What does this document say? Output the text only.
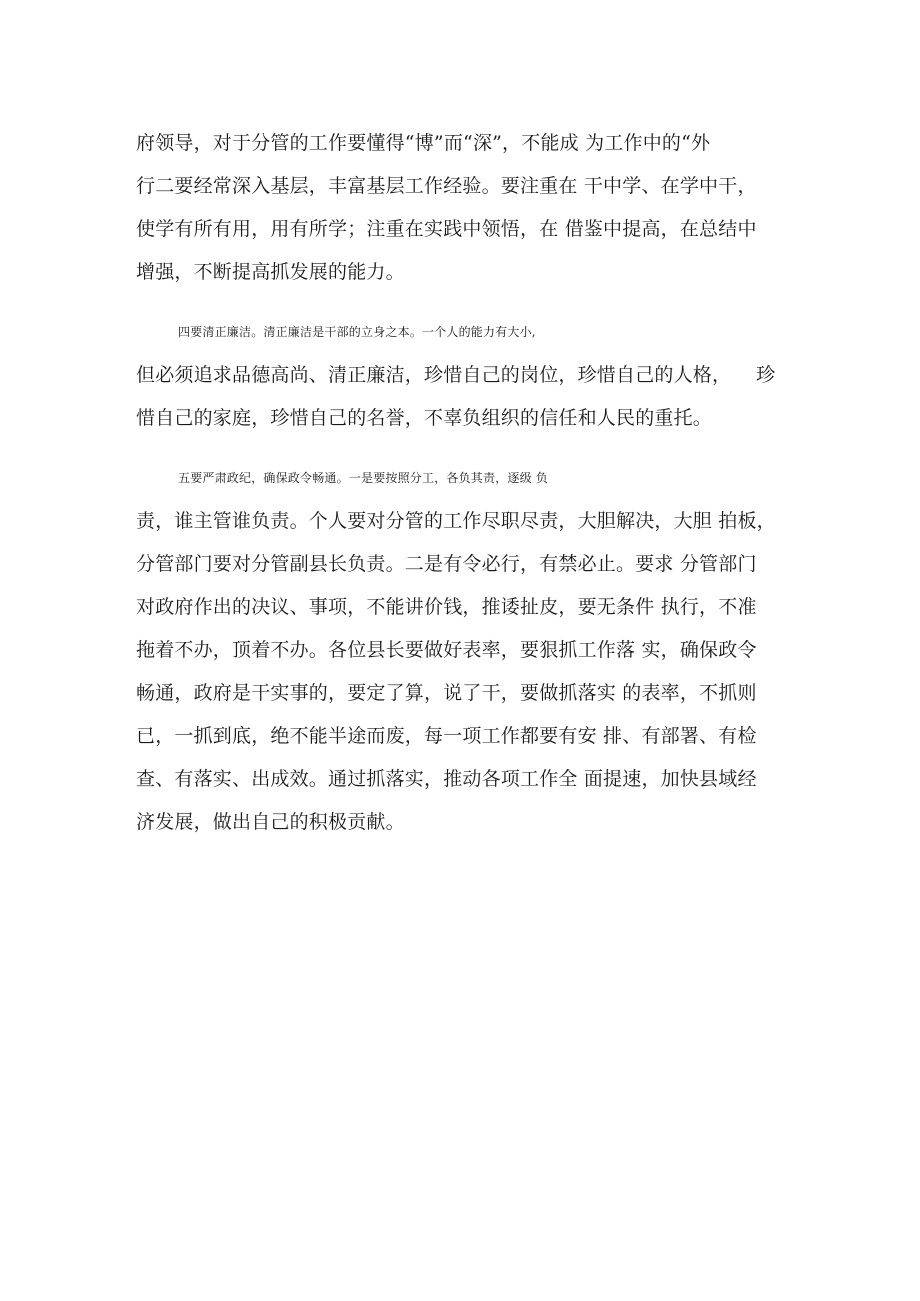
府领导，对于分管的工作要懂得“博”而“深”，不能成 为工作中的“外
行二要经常深入基层，丰富基层工作经验。要注重在 干中学、在学中干，
使学有所有用，用有所学；注重在实践中领悟，在 借鉴中提高，在总结中
增强，不断提高抓发展的能力。
四要清正廉洁。清正廉洁是干部的立身之本。一个人的能力有大小,
但必须追求品德高尚、清正廉洁，珍惜自己的岗位，珍惜自己的人格，    珍
惜自己的家庭，珍惜自己的名誉，不辜负组织的信任和人民的重托。
五要严肃政纪，确保政令畅通。一是要按照分工，各负其责，逐级 负
责，谁主管谁负责。个人要对分管的工作尽职尽责，大胆解决，大胆 拍板，
分管部门要对分管副县长负责。二是有令必行，有禁必止。要求 分管部门
对政府作出的决议、事项，不能讲价钱，推诿扯皮，要无条件 执行，不准
拖着不办，顶着不办。各位县长要做好表率，要狠抓工作落 实，确保政令
畅通，政府是干实事的，要定了算，说了干，要做抓落实 的表率，不抓则
已，一抓到底，绝不能半途而废，每一项工作都要有安 排、有部署、有检
查、有落实、出成效。通过抓落实，推动各项工作全 面提速，加快县域经
济发展，做出自己的积极贡献。
